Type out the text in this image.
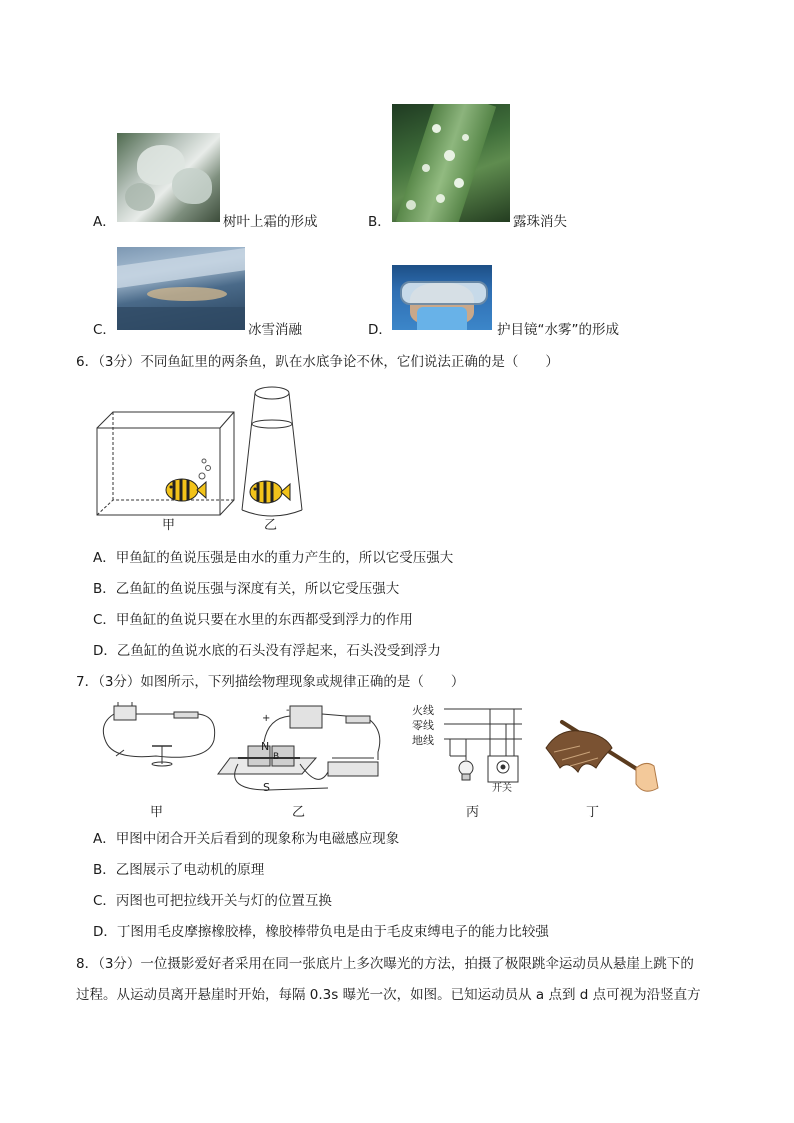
A．	树叶上霜的形成	B．	露珠消失
C．	冰雪消融	D．	护目镜“水雾”的形成
6．（3分）不同鱼缸里的两条鱼，趴在水底争论不休，它们说法正确的是（　　）
甲	乙
A．甲鱼缸的鱼说压强是由水的重力产生的，所以它受压强大
B．乙鱼缸的鱼说压强与深度有关，所以它受压强大
C．甲鱼缸的鱼说只要在水里的东西都受到浮力的作用
D．乙鱼缸的鱼说水底的石头没有浮起来，石头没受到浮力
7．（3分）如图所示，下列描绘物理现象或规律正确的是（　　）
甲
+
-
N
B
S
乙
火线
零线
地线
开关
丙	丁
A．甲图中闭合开关后看到的现象称为电磁感应现象
B．乙图展示了电动机的原理
C．丙图也可把拉线开关与灯的位置互换
D．丁图用毛皮摩擦橡胶棒，橡胶棒带负电是由于毛皮束缚电子的能力比较强
8．（3分）一位摄影爱好者采用在同一张底片上多次曝光的方法，拍摄了极限跳伞运动员从悬崖上跳下的
过程。从运动员离开悬崖时开始，每隔 0.3s 曝光一次，如图。已知运动员从 a 点到 d 点可视为沿竖直方
